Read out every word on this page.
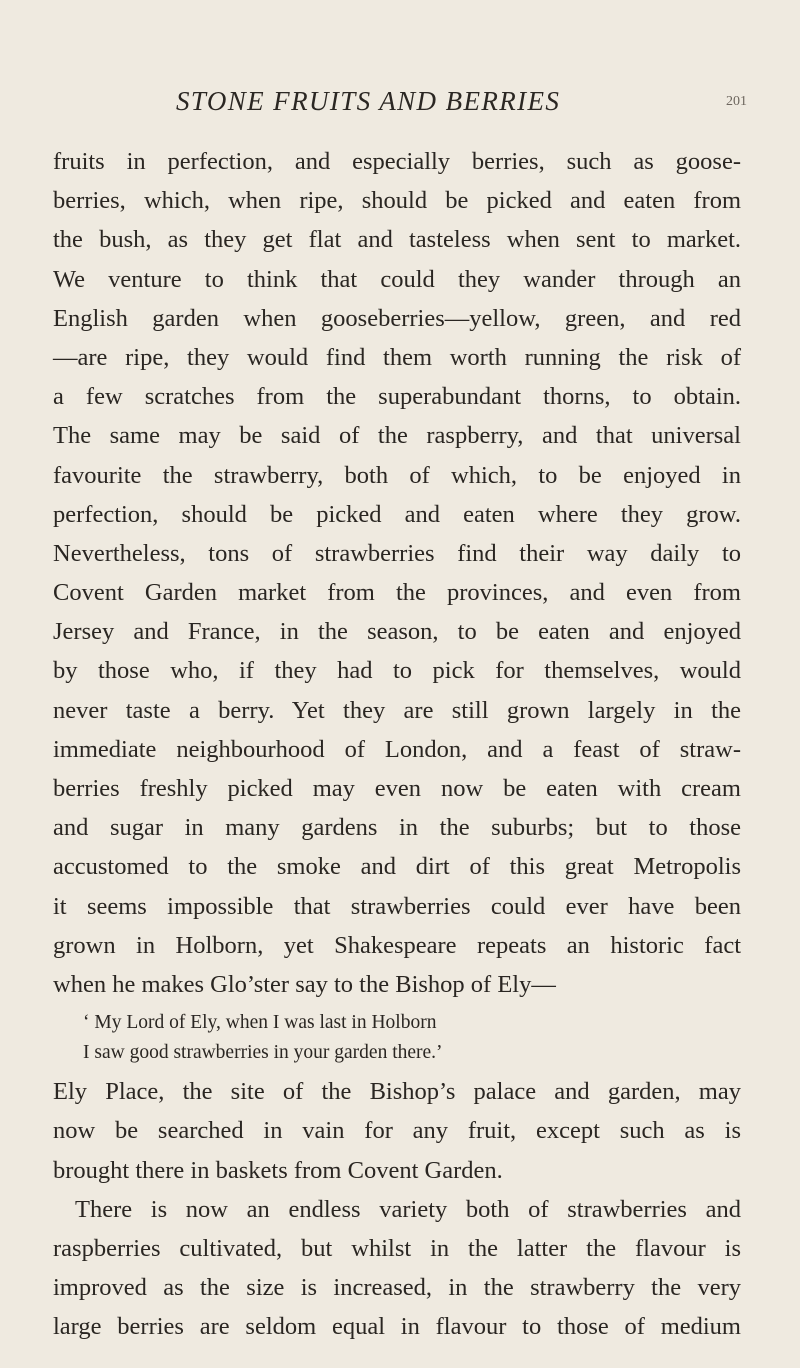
STONE FRUITS AND BERRIES	201
fruits in perfection, and especially berries, such as goose-
berries, which, when ripe, should be picked and eaten from
the bush, as they get flat and tasteless when sent to market.
We venture to think that could they wander through an
English garden when gooseberries—yellow, green, and red
—are ripe, they would find them worth running the risk of
a few scratches from the superabundant thorns, to obtain.
The same may be said of the raspberry, and that universal
favourite the strawberry, both of which, to be enjoyed in
perfection, should be picked and eaten where they grow.
Nevertheless, tons of strawberries find their way daily to
Covent Garden market from the provinces, and even from
Jersey and France, in the season, to be eaten and enjoyed
by those who, if they had to pick for themselves, would
never taste a berry. Yet they are still grown largely in the
immediate neighbourhood of London, and a feast of straw-
berries freshly picked may even now be eaten with cream
and sugar in many gardens in the suburbs; but to those
accustomed to the smoke and dirt of this great Metropolis
it seems impossible that strawberries could ever have been
grown in Holborn, yet Shakespeare repeats an historic fact
when he makes Glo’ster say to the Bishop of Ely—
‘ My Lord of Ely, when I was last in Holborn
I saw good strawberries in your garden there.’
Ely Place, the site of the Bishop’s palace and garden, may
now be searched in vain for any fruit, except such as is
brought there in baskets from Covent Garden.
There is now an endless variety both of strawberries and
raspberries cultivated, but whilst in the latter the flavour is
improved as the size is increased, in the strawberry the very
large berries are seldom equal in flavour to those of medium
